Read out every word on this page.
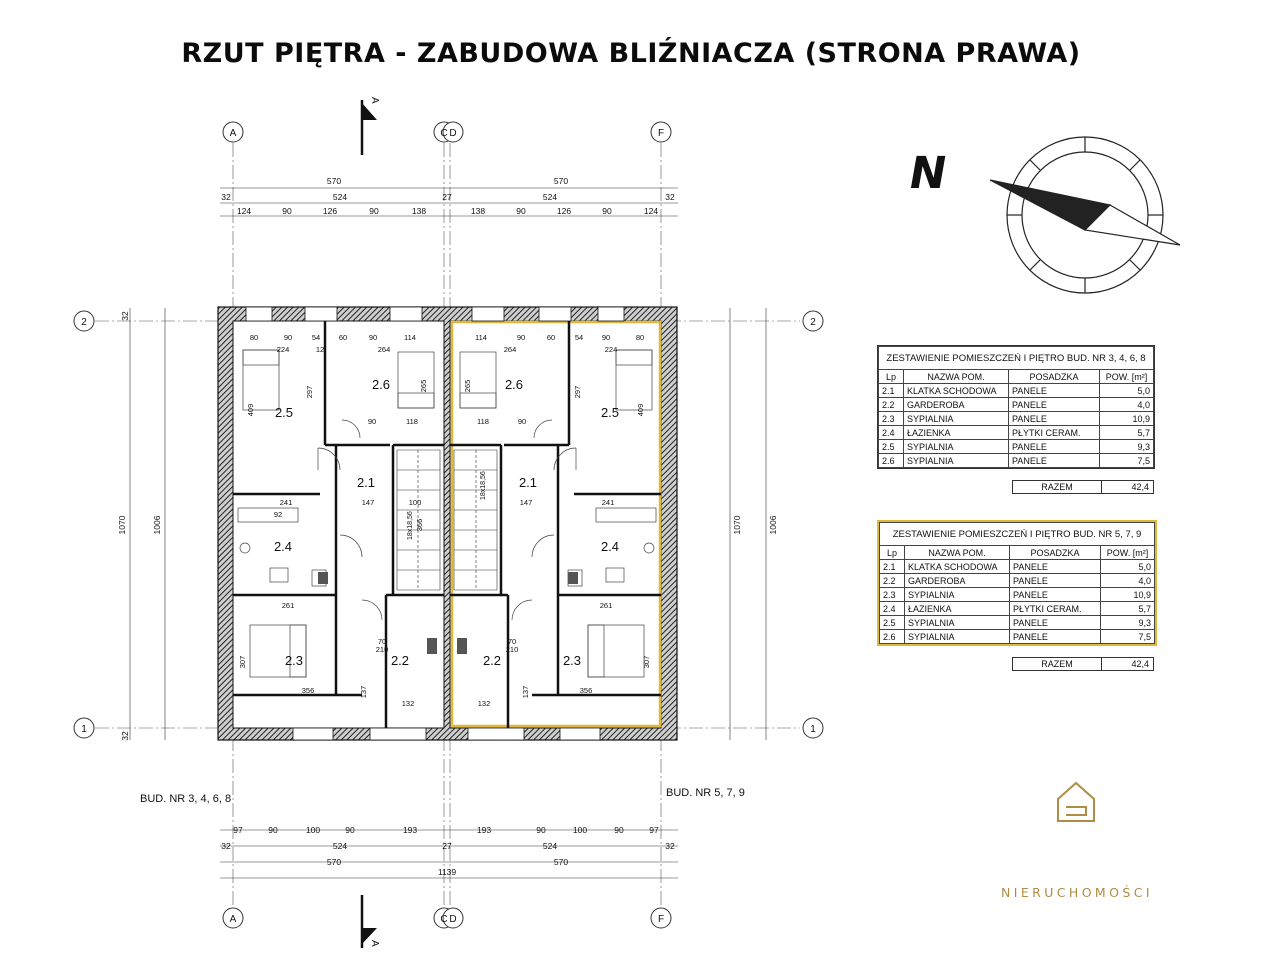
RZUT PIĘTRA - ZABUDOWA BLIŹNIACZA (STRONA PRAWA)
A	C D	F
A	C D	F
2	2
1	1
A
A
570	570
524	524
32	32
27
124	90	126	90	138	138	90	126	90	124
97	90	100	90	193	193	90	100	90	97
32	524	27	524	32
570	570
1139
1006
1070	1070	1006
32
32
18x18,56
18x18,56
2.5
2.6
2.1
2.4
2.3	2.2
2.5
2.6
2.1
2.4
2.3
2.2
80	90	54 60	90	114
224	264
297	265
409
90	118
147	100
241
261
356
132
307
366
210
70
137
92
12
114	90	60	54 90	80
264	224
297
265
409
90
118
147	241
261
356
132
307
210
70
137
N
BUD. NR 3, 4, 6, 8	BUD. NR 5, 7, 9
ZESTAWIENIE POMIESZCZEŃ I PIĘTRO BUD. NR 3, 4, 6, 8			
Lp	NAZWA POM.	POSADZKA	POW. [m²]
2.1	KLATKA SCHODOWA	PANELE	5,0
2.2	GARDEROBA	PANELE	4,0
2.3	SYPIALNIA	PANELE	10,9
2.4	ŁAZIENKA	PŁYTKI CERAM.	5,7
2.5	SYPIALNIA	PANELE	9,3
2.6	SYPIALNIA	PANELE	7,5
RAZEM	42,4
ZESTAWIENIE POMIESZCZEŃ I PIĘTRO BUD. NR 5, 7, 9			
Lp	NAZWA POM.	POSADZKA	POW. [m²]
2.1	KLATKA SCHODOWA	PANELE	5,0
2.2	GARDEROBA	PANELE	4,0
2.3	SYPIALNIA	PANELE	10,9
2.4	ŁAZIENKA	PŁYTKI CERAM.	5,7
2.5	SYPIALNIA	PANELE	9,3
2.6	SYPIALNIA	PANELE	7,5
RAZEM	42,4
NIERUCHOMOŚCI
